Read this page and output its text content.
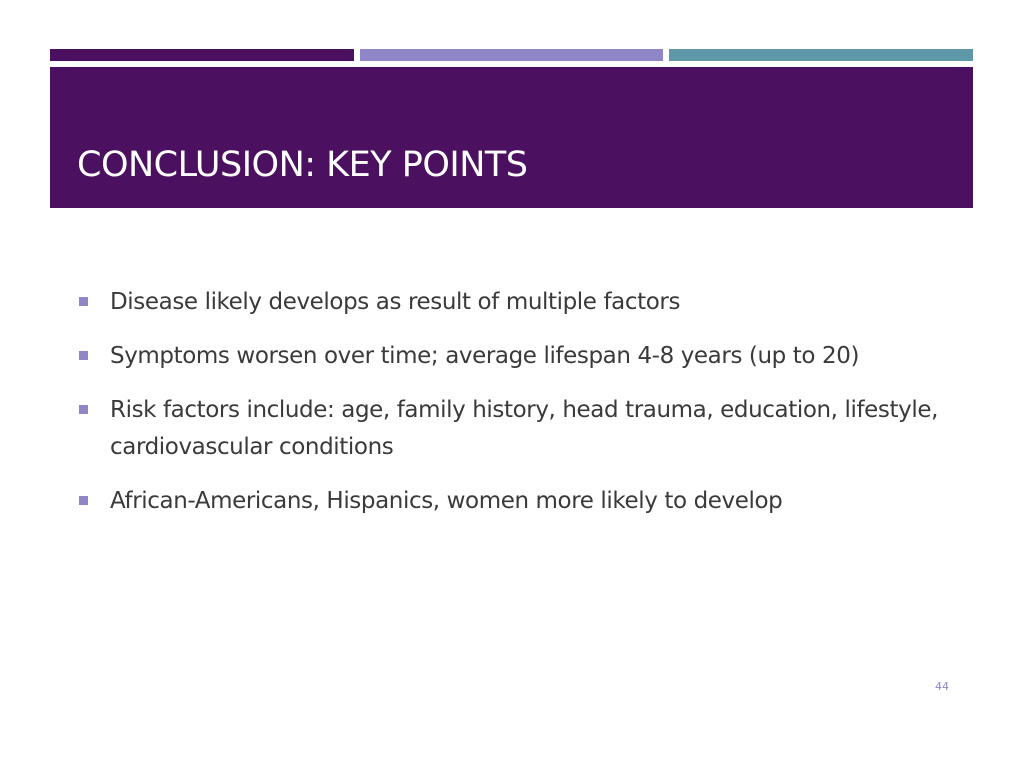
CONCLUSION: KEY POINTS
Disease likely develops as result of multiple factors
Symptoms worsen over time; average lifespan 4-8 years (up to 20)
Risk factors include: age, family history, head trauma, education, lifestyle, cardiovascular conditions
African-Americans, Hispanics, women more likely to develop
44
